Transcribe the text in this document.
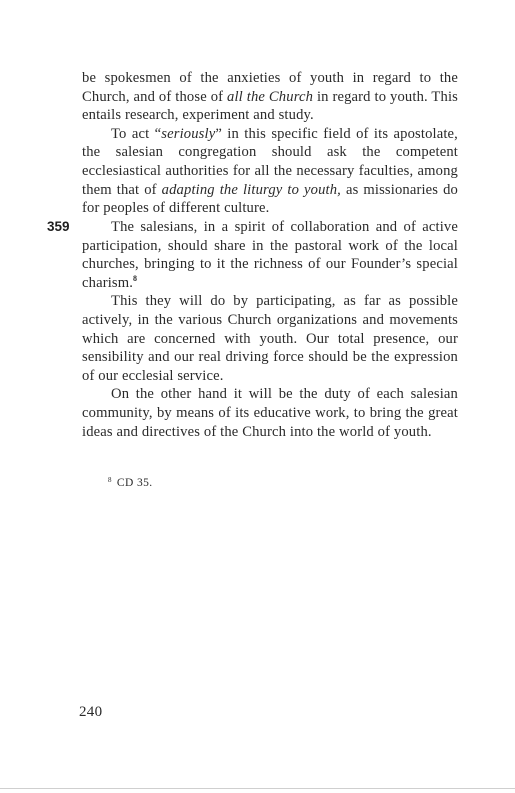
be spokesmen of the anxieties of youth in regard to the Church, and of those of all the Church in regard to youth. This entails research, experiment and study.

To act “seriously” in this specific field of its apostolate, the salesian congregation should ask the competent ecclesiastical authorities for all the necessary faculties, among them that of adapting the liturgy to youth, as missionaries do for peoples of different culture.

359	The salesians, in a spirit of collaboration and of active participation, should share in the pastoral work of the local churches, bringing to it the richness of our Founder’s special charism.$^8$

This they will do by participating, as far as possible actively, in the various Church organizations and movements which are concerned with youth. Our total presence, our sensibility and our real driving force should be the expression of our ecclesial service.

On the other hand it will be the duty of each salesian community, by means of its educative work, to bring the great ideas and directives of the Church into the world of youth.

$^8$ CD 35.
240
